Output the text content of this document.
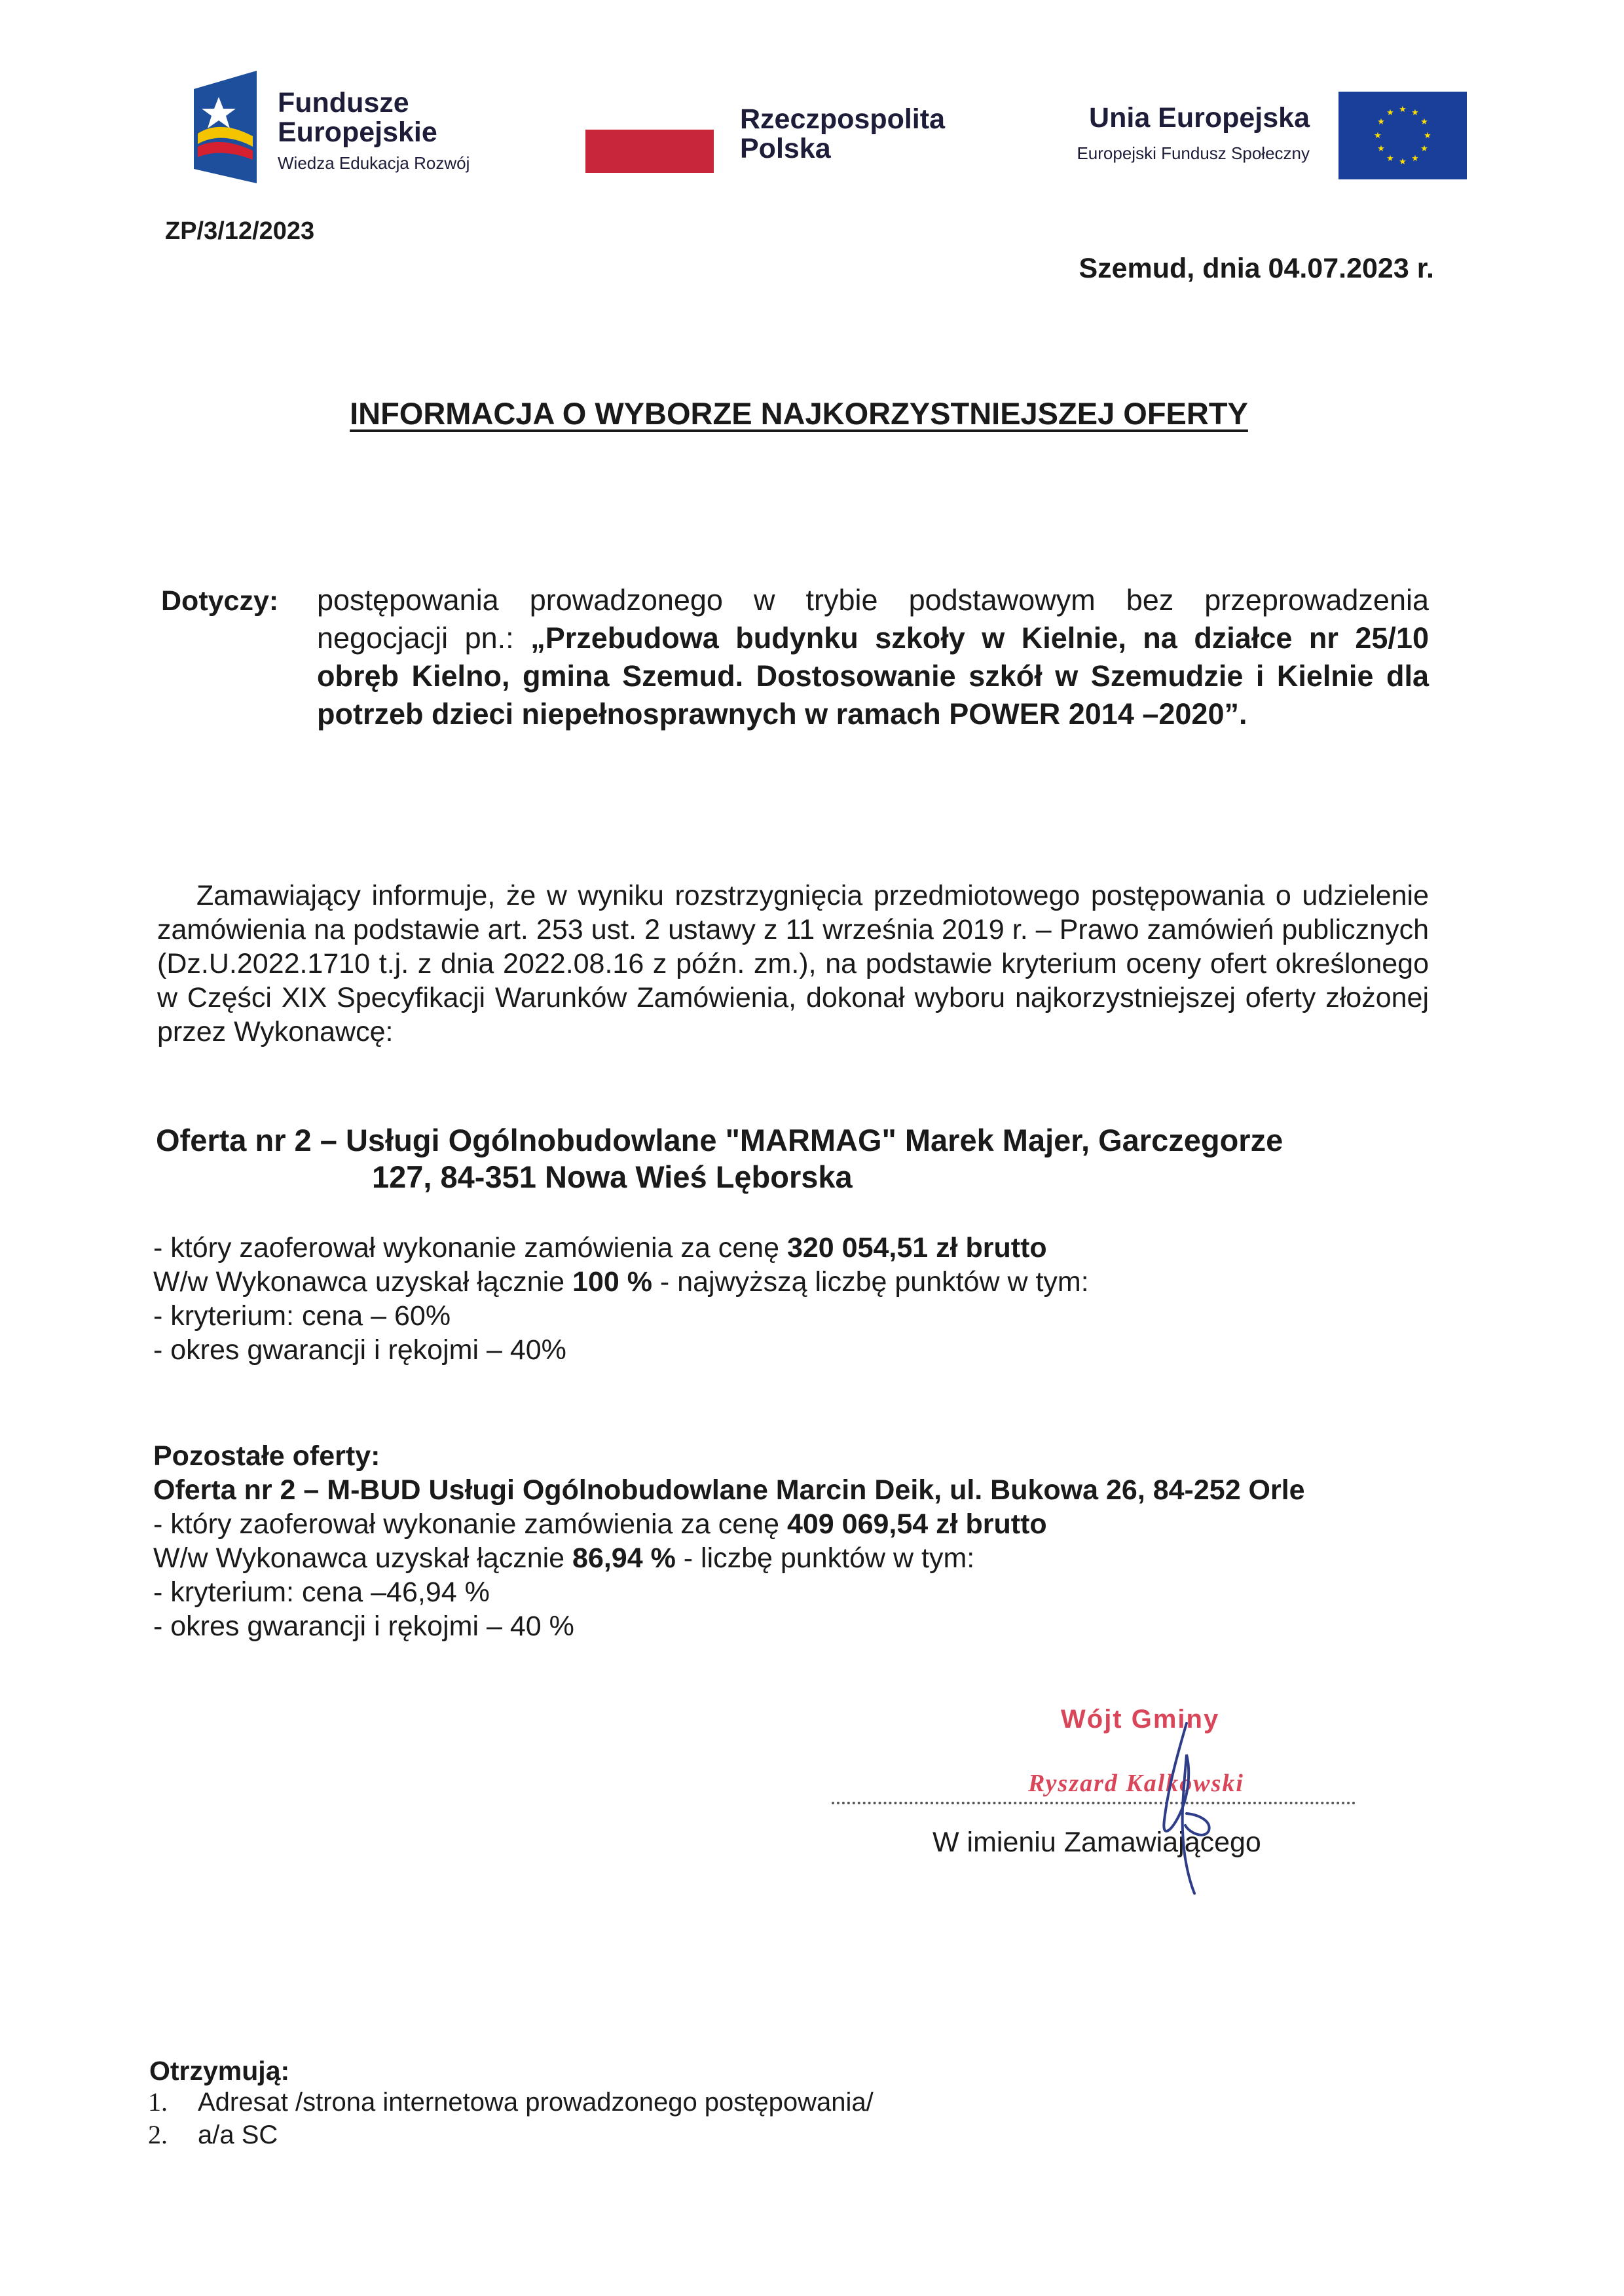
Fundusze
Europejskie
Wiedza Edukacja Rozwój
Rzeczpospolita
Polska
Unia Europejska
Europejski Fundusz Społeczny
★ ★
★
★
★
★
★
★
★
★
★
★
ZP/3/12/2023
Szemud, dnia 04.07.2023 r.
INFORMACJA O WYBORZE NAJKORZYSTNIEJSZEJ OFERTY
Dotyczy: postępowania prowadzonego w trybie podstawowym bez przeprowadzenia negocjacji pn.: „Przebudowa budynku szkoły w Kielnie, na działce nr 25/10 obręb Kielno, gmina Szemud. Dostosowanie szkół w Szemudzie i Kielnie dla potrzeb dzieci niepełnosprawnych w ramach POWER 2014 –2020”.
Zamawiający informuje, że w wyniku rozstrzygnięcia przedmiotowego postępowania o udzielenie zamówienia na podstawie art. 253 ust. 2 ustawy z 11 września 2019 r. – Prawo zamówień publicznych (Dz.U.2022.1710 t.j. z dnia 2022.08.16 z późn. zm.), na podstawie kryterium oceny ofert określonego w Części XIX Specyfikacji Warunków Zamówienia, dokonał wyboru najkorzystniejszej oferty złożonej przez Wykonawcę:
Oferta nr 2 – Usługi Ogólnobudowlane "MARMAG" Marek Majer, Garczegorze
127, 84-351 Nowa Wieś Lęborska
- który zaoferował wykonanie zamówienia za cenę 320 054,51 zł brutto
W/w Wykonawca uzyskał łącznie 100 % - najwyższą liczbę punktów w tym:
- kryterium: cena – 60%
- okres gwarancji i rękojmi – 40%
Pozostałe oferty:
Oferta nr 2 – M-BUD Usługi Ogólnobudowlane Marcin Deik, ul. Bukowa 26, 84-252 Orle
- który zaoferował wykonanie zamówienia za cenę 409 069,54 zł brutto
W/w Wykonawca uzyskał łącznie 86,94 % - liczbę punktów w tym:
- kryterium: cena –46,94 %
- okres gwarancji i rękojmi – 40 %
Wójt Gminy
Ryszard Kalkowski
W imieniu Zamawiającego
Otrzymują:
1.	Adresat /strona internetowa prowadzonego postępowania/
2.	a/a SC
